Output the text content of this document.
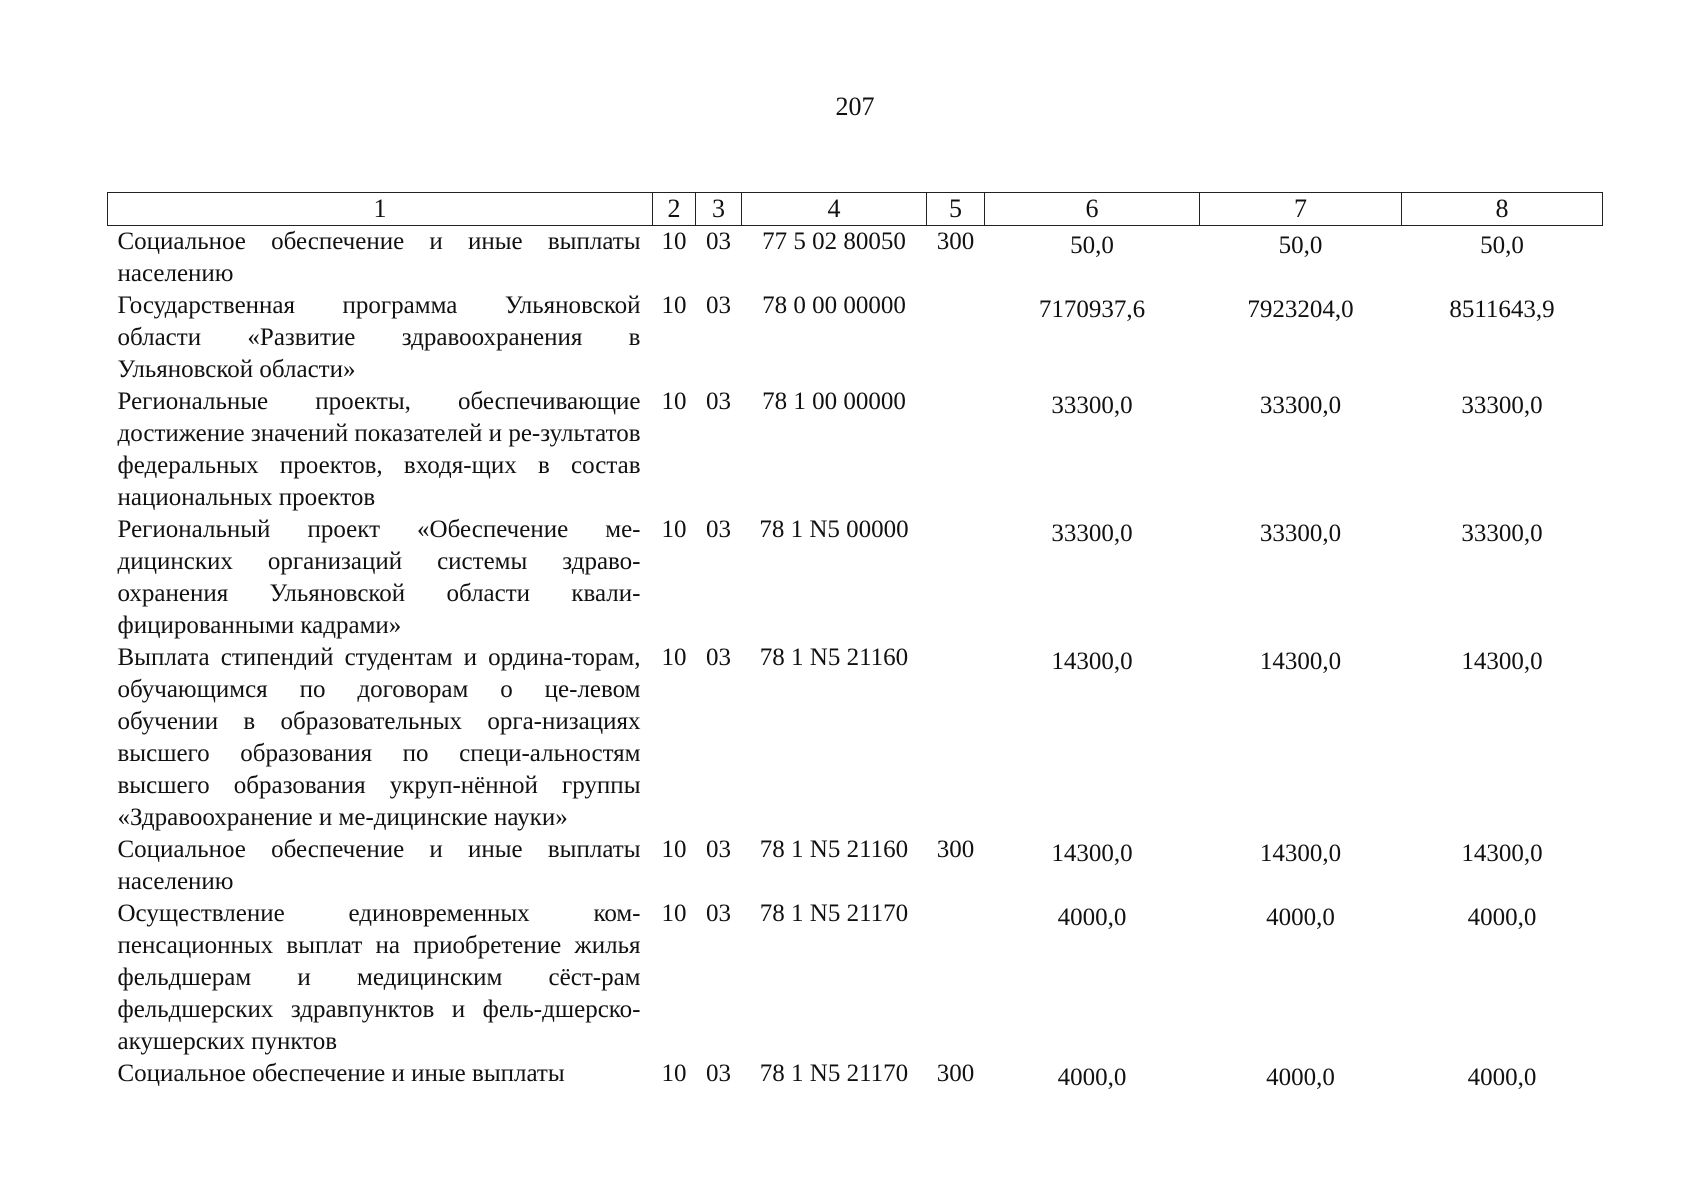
207
1	2	3	4	5	6	7	8
Социальное обеспечение и иные выплаты населению	10	03	77 5 02 80050	300	50,0	50,0	50,0
Государственная программа Ульяновской области «Развитие здравоохранения в Ульяновской области»	10	03	78 0 00 00000		7170937,6	7923204,0	8511643,9
Региональные проекты, обеспечивающие достижение значений показателей и ре-зультатов федеральных проектов, входя-щих в состав национальных проектов	10	03	78 1 00 00000		33300,0	33300,0	33300,0
Региональный проект «Обеспечение ме-дицинских организаций системы здраво-охранения Ульяновской области квали-фицированными кадрами»	10	03	78 1 N5 00000		33300,0	33300,0	33300,0
Выплата стипендий студентам и ордина-торам, обучающимся по договорам о це-левом обучении в образовательных орга-низациях высшего образования по специ-альностям высшего образования укруп-нённой группы «Здравоохранение и ме-дицинские науки»	10	03	78 1 N5 21160		14300,0	14300,0	14300,0
Социальное обеспечение и иные выплаты населению	10	03	78 1 N5 21160	300	14300,0	14300,0	14300,0
Осуществление единовременных ком-пенсационных выплат на приобретение жилья фельдшерам и медицинским сёст-рам фельдшерских здравпунктов и фель-дшерско-акушерских пунктов	10	03	78 1 N5 21170		4000,0	4000,0	4000,0
Социальное обеспечение и иные выплаты	10	03	78 1 N5 21170	300	4000,0	4000,0	4000,0
